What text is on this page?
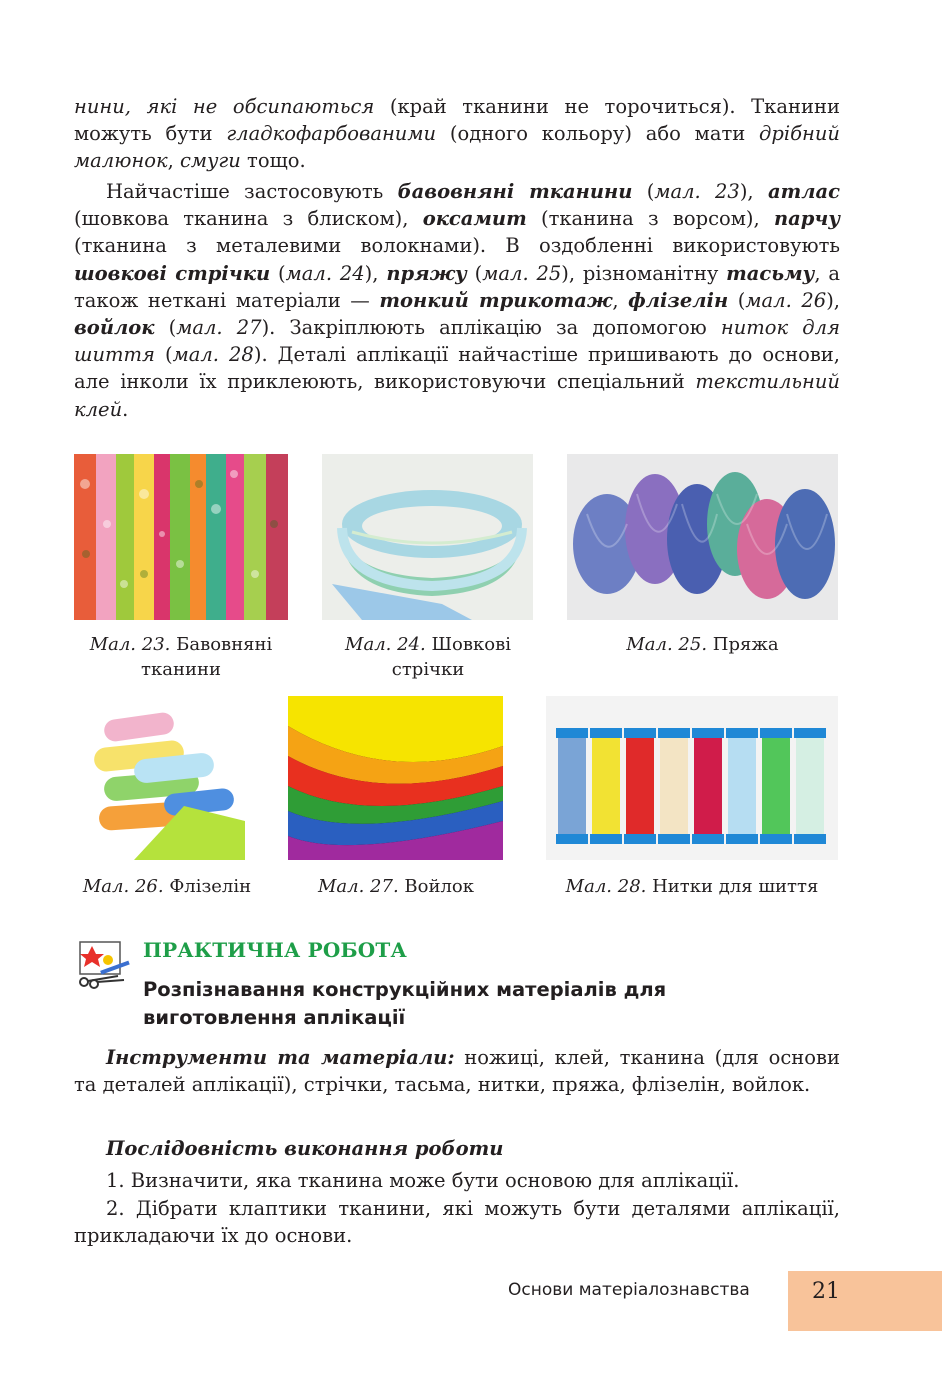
нини, які не обсипаються (край тканини не торочиться). Тканини можуть бути гладкофарбованими (одного кольору) або мати дрібний малюнок, смуги тощо.

Найчастіше застосовують бавовняні тканини (мал. 23), атлас (шовкова тканина з блиском), оксамит (тканина з ворсом), парчу (тканина з металевими волокнами). В оздобленні використовують шовкові стрічки (мал. 24), пряжу (мал. 25), різноманітну тасьму, а також неткані матеріали — тонкий трикотаж, флізелін (мал. 26), войлок (мал. 27). Закріплюють аплікацію за допомогою ниток для шиття (мал. 28). Деталі аплікації найчастіше пришивають до основи, але інколи їх приклеюють, використовуючи спеціальний текстильний клей.

Мал. 23. Бавовняні тканини
Мал. 24. Шовкові стрічки
Мал. 25. Пряжа
Мал. 26. Флізелін	Мал. 27. Войлок	Мал. 28. Нитки для шиття
ПРАКТИЧНА РОБОТА
Розпізнавання конструкційних матеріалів для виготовлення аплікації

Інструменти та матеріали: ножиці, клей, тканина (для основи та деталей аплікації), стрічки, тасьма, нитки, пряжа, флізелін, войлок.

Послідовність виконання роботи

1. Визначити, яка тканина може бути основою для аплікації.

2. Дібрати клаптики тканини, які можуть бути деталями аплікації, прикладаючи їх до основи.

Основи матеріалознавства	21
